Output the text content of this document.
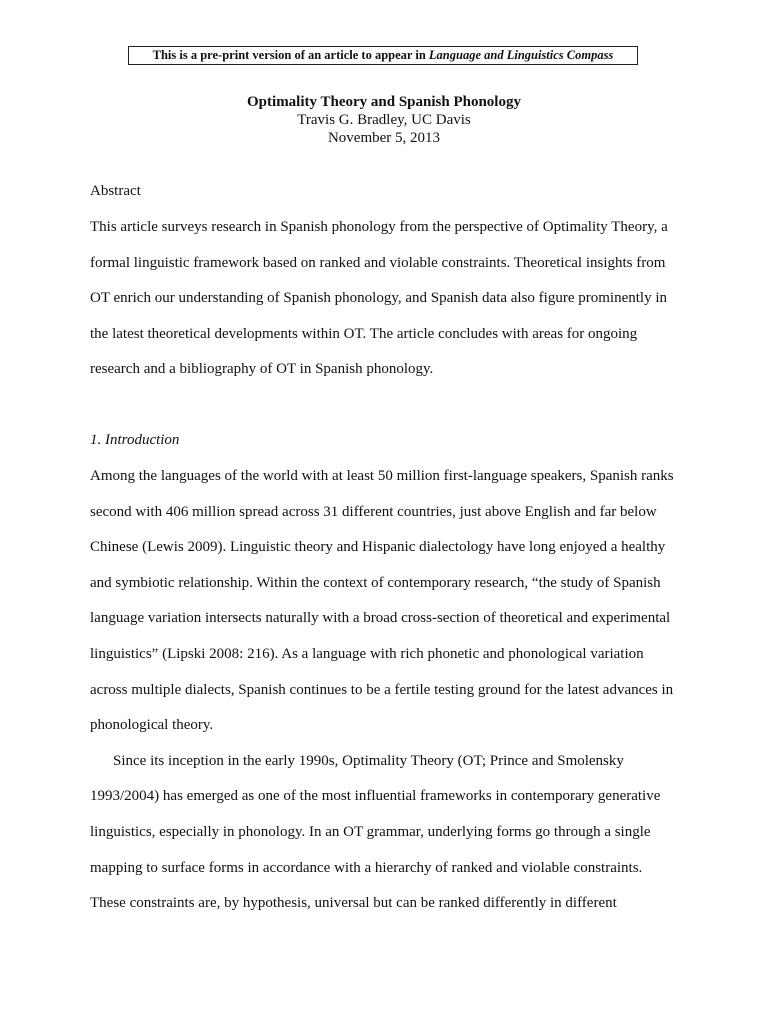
This is a pre-print version of an article to appear in Language and Linguistics Compass
Optimality Theory and Spanish Phonology
Travis G. Bradley, UC Davis
November 5, 2013
Abstract

This article surveys research in Spanish phonology from the perspective of Optimality Theory, a

formal linguistic framework based on ranked and violable constraints. Theoretical insights from

OT enrich our understanding of Spanish phonology, and Spanish data also figure prominently in

the latest theoretical developments within OT. The article concludes with areas for ongoing

research and a bibliography of OT in Spanish phonology.

1. Introduction

Among the languages of the world with at least 50 million first-language speakers, Spanish ranks

second with 406 million spread across 31 different countries, just above English and far below

Chinese (Lewis 2009). Linguistic theory and Hispanic dialectology have long enjoyed a healthy

and symbiotic relationship. Within the context of contemporary research, “the study of Spanish

language variation intersects naturally with a broad cross-section of theoretical and experimental

linguistics” (Lipski 2008: 216). As a language with rich phonetic and phonological variation

across multiple dialects, Spanish continues to be a fertile testing ground for the latest advances in

phonological theory.

Since its inception in the early 1990s, Optimality Theory (OT; Prince and Smolensky

1993/2004) has emerged as one of the most influential frameworks in contemporary generative

linguistics, especially in phonology. In an OT grammar, underlying forms go through a single

mapping to surface forms in accordance with a hierarchy of ranked and violable constraints.

These constraints are, by hypothesis, universal but can be ranked differently in different
